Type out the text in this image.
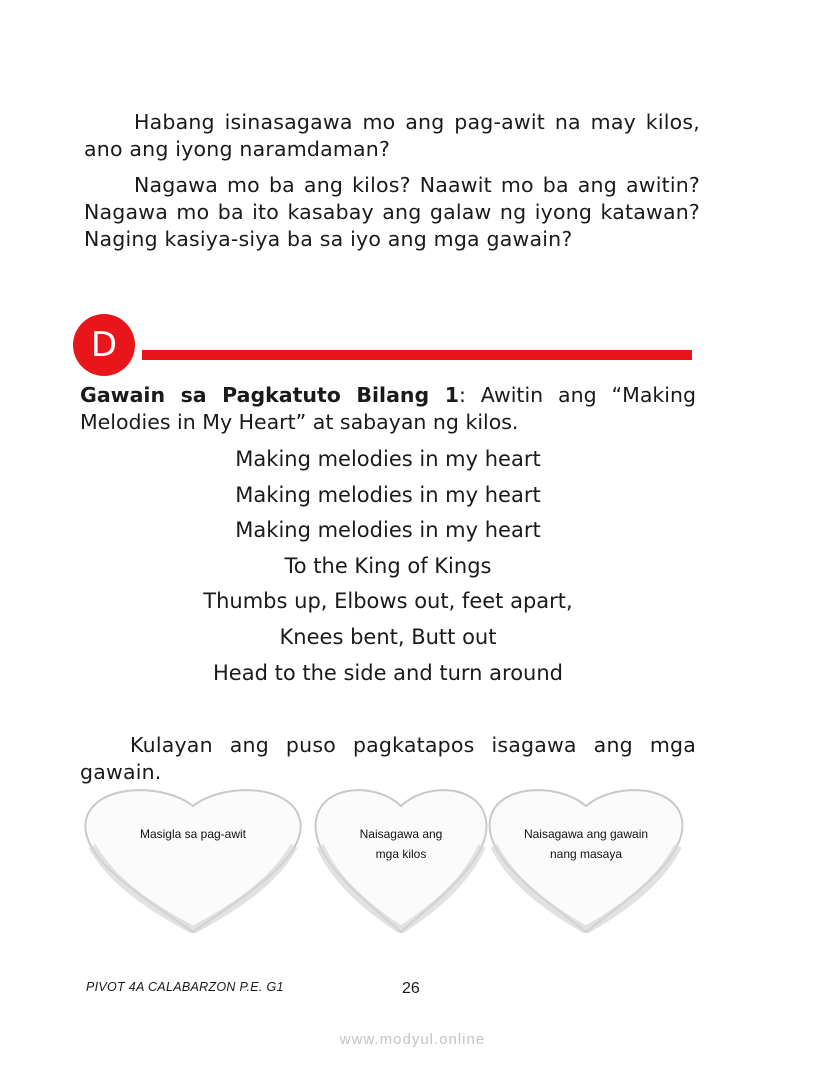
Habang isinasagawa mo ang pag-awit na may kilos, ano ang iyong naramdaman?

Nagawa mo ba ang kilos? Naawit mo ba ang awitin? Nagawa mo ba ito kasabay ang galaw ng iyong katawan? Naging kasiya-siya ba sa iyo ang mga gawain?

D

Gawain sa Pagkatuto Bilang 1: Awitin ang “Making Melodies in My Heart” at sabayan ng kilos.

Making melodies in my heart
Making melodies in my heart
Making melodies in my heart
To the King of Kings
Thumbs up, Elbows out, feet apart,
Knees bent, Butt out
Head to the side and turn around

Kulayan ang puso pagkatapos isagawa ang mga gawain.

Masigla sa pag-awit	Naisagawa ang
mga kilos
Naisagawa ang gawain
nang masaya
PIVOT 4A CALABARZON P.E. G1	26
www.modyul.online
